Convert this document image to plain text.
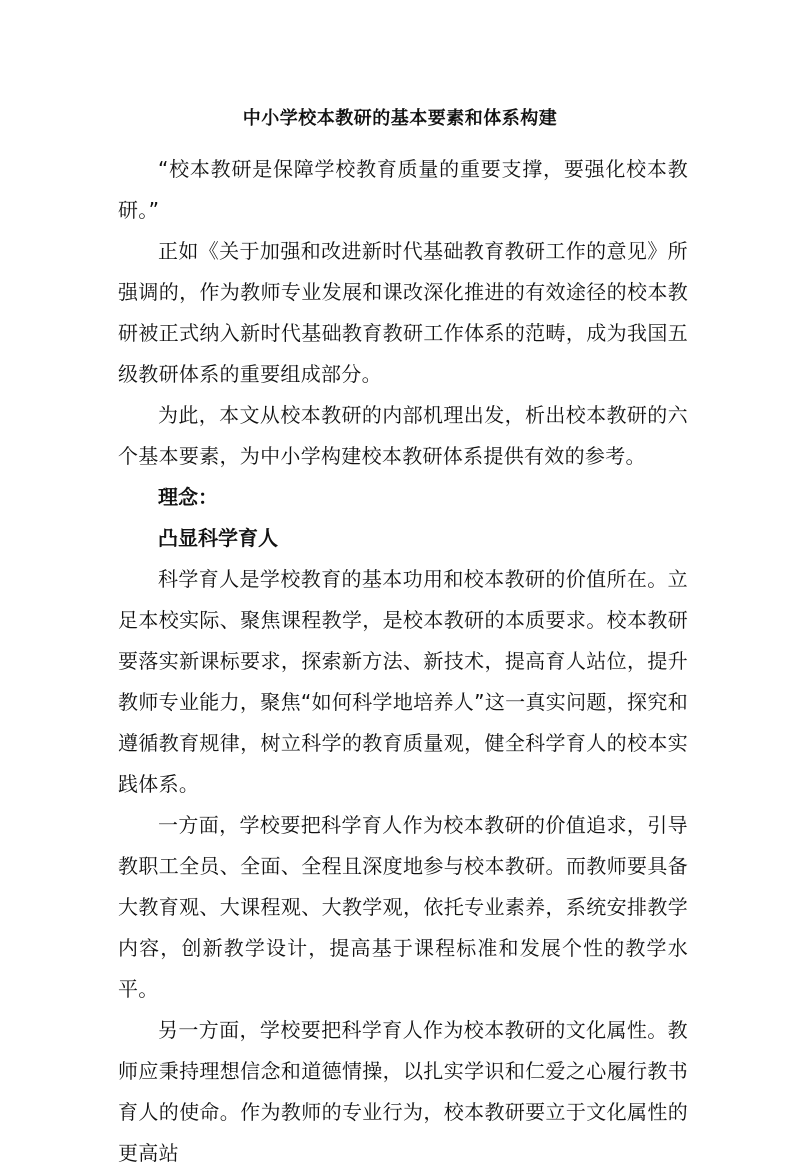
中小学校本教研的基本要素和体系构建

“校本教研是保障学校教育质量的重要支撑，要强化校本教研。”

正如《关于加强和改进新时代基础教育教研工作的意见》所强调的，作为教师专业发展和课改深化推进的有效途径的校本教研被正式纳入新时代基础教育教研工作体系的范畴，成为我国五级教研体系的重要组成部分。

为此，本文从校本教研的内部机理出发，析出校本教研的六个基本要素，为中小学构建校本教研体系提供有效的参考。

理念：

凸显科学育人

科学育人是学校教育的基本功用和校本教研的价值所在。立足本校实际、聚焦课程教学，是校本教研的本质要求。校本教研要落实新课标要求，探索新方法、新技术，提高育人站位，提升教师专业能力，聚焦“如何科学地培养人”这一真实问题，探究和遵循教育规律，树立科学的教育质量观，健全科学育人的校本实践体系。

一方面，学校要把科学育人作为校本教研的价值追求，引导教职工全员、全面、全程且深度地参与校本教研。而教师要具备大教育观、大课程观、大教学观，依托专业素养，系统安排教学内容，创新教学设计，提高基于课程标准和发展个性的教学水平。

另一方面，学校要把科学育人作为校本教研的文化属性。教师应秉持理想信念和道德情操，以扎实学识和仁爱之心履行教书育人的使命。作为教师的专业行为，校本教研要立于文化属性的更高站
